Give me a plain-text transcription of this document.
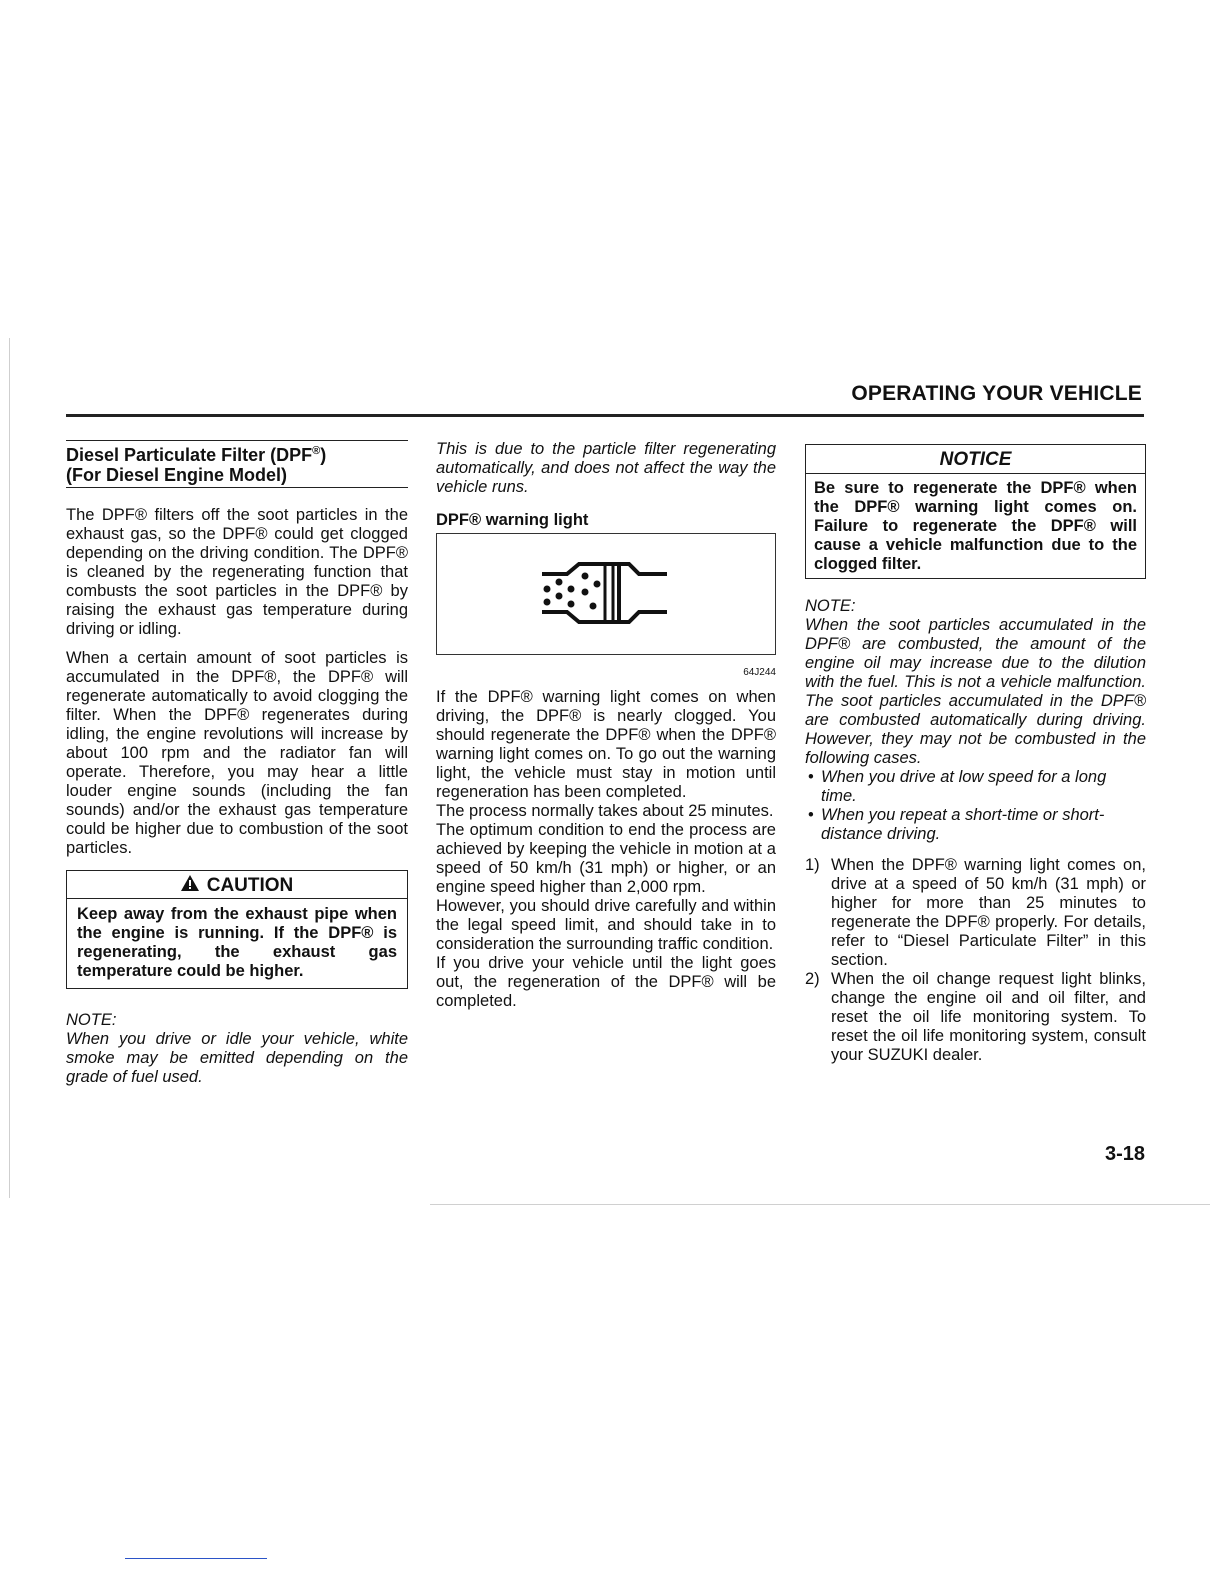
OPERATING YOUR VEHICLE
Diesel Particulate Filter (DPF®)
(For Diesel Engine Model)

The DPF® filters off the soot particles in the exhaust gas, so the DPF® could get clogged depending on the driving condition. The DPF® is cleaned by the regenerating function that combusts the soot particles in the DPF® by raising the exhaust gas temperature during driving or idling.

When a certain amount of soot particles is accumulated in the DPF®, the DPF® will regenerate automatically to avoid clogging the filter. When the DPF® regenerates during idling, the engine revolutions will increase by about 100 rpm and the radiator fan will operate. Therefore, you may hear a little louder engine sounds (including the fan sounds) and/or the exhaust gas temperature could be higher due to combustion of the soot particles.

CAUTION
Keep away from the exhaust pipe when the engine is running. If the DPF® is regenerating, the exhaust gas temperature could be higher.
NOTE:

When you drive or idle your vehicle, white smoke may be emitted depending on the grade of fuel used.

This is due to the particle filter regenerating automatically, and does not affect the way the vehicle runs.

DPF® warning light
64J244

If the DPF® warning light comes on when driving, the DPF® is nearly clogged. You should regenerate the DPF® when the DPF® warning light comes on. To go out the warning light, the vehicle must stay in motion until regeneration has been completed.

The process normally takes about 25 minutes.

The optimum condition to end the process are achieved by keeping the vehicle in motion at a speed of 50 km/h (31 mph) or higher, or an engine speed higher than 2,000 rpm.

However, you should drive carefully and within the legal speed limit, and should take in to consideration the surrounding traffic condition.

If you drive your vehicle until the light goes out, the regeneration of the DPF® will be completed.

NOTICE
Be sure to regenerate the DPF® when the DPF® warning light comes on. Failure to regenerate the DPF® will cause a vehicle malfunction due to the clogged filter.
NOTE:

When the soot particles accumulated in the DPF® are combusted, the amount of the engine oil may increase due to the dilution with the fuel. This is not a vehicle malfunction. The soot particles accumulated in the DPF® are combusted automatically during driving. However, they may not be combusted in the following cases.

• When you drive at low speed for a long time.
• When you repeat a short-time or short-distance driving.
1) When the DPF® warning light comes on, drive at a speed of 50 km/h (31 mph) or higher for more than 25 minutes to regenerate the DPF® properly. For details, refer to “Diesel Particulate Filter” in this section.
2) When the oil change request light blinks, change the engine oil and oil filter, and reset the oil life monitoring system. To reset the oil life monitoring system, consult your SUZUKI dealer.
3-18
